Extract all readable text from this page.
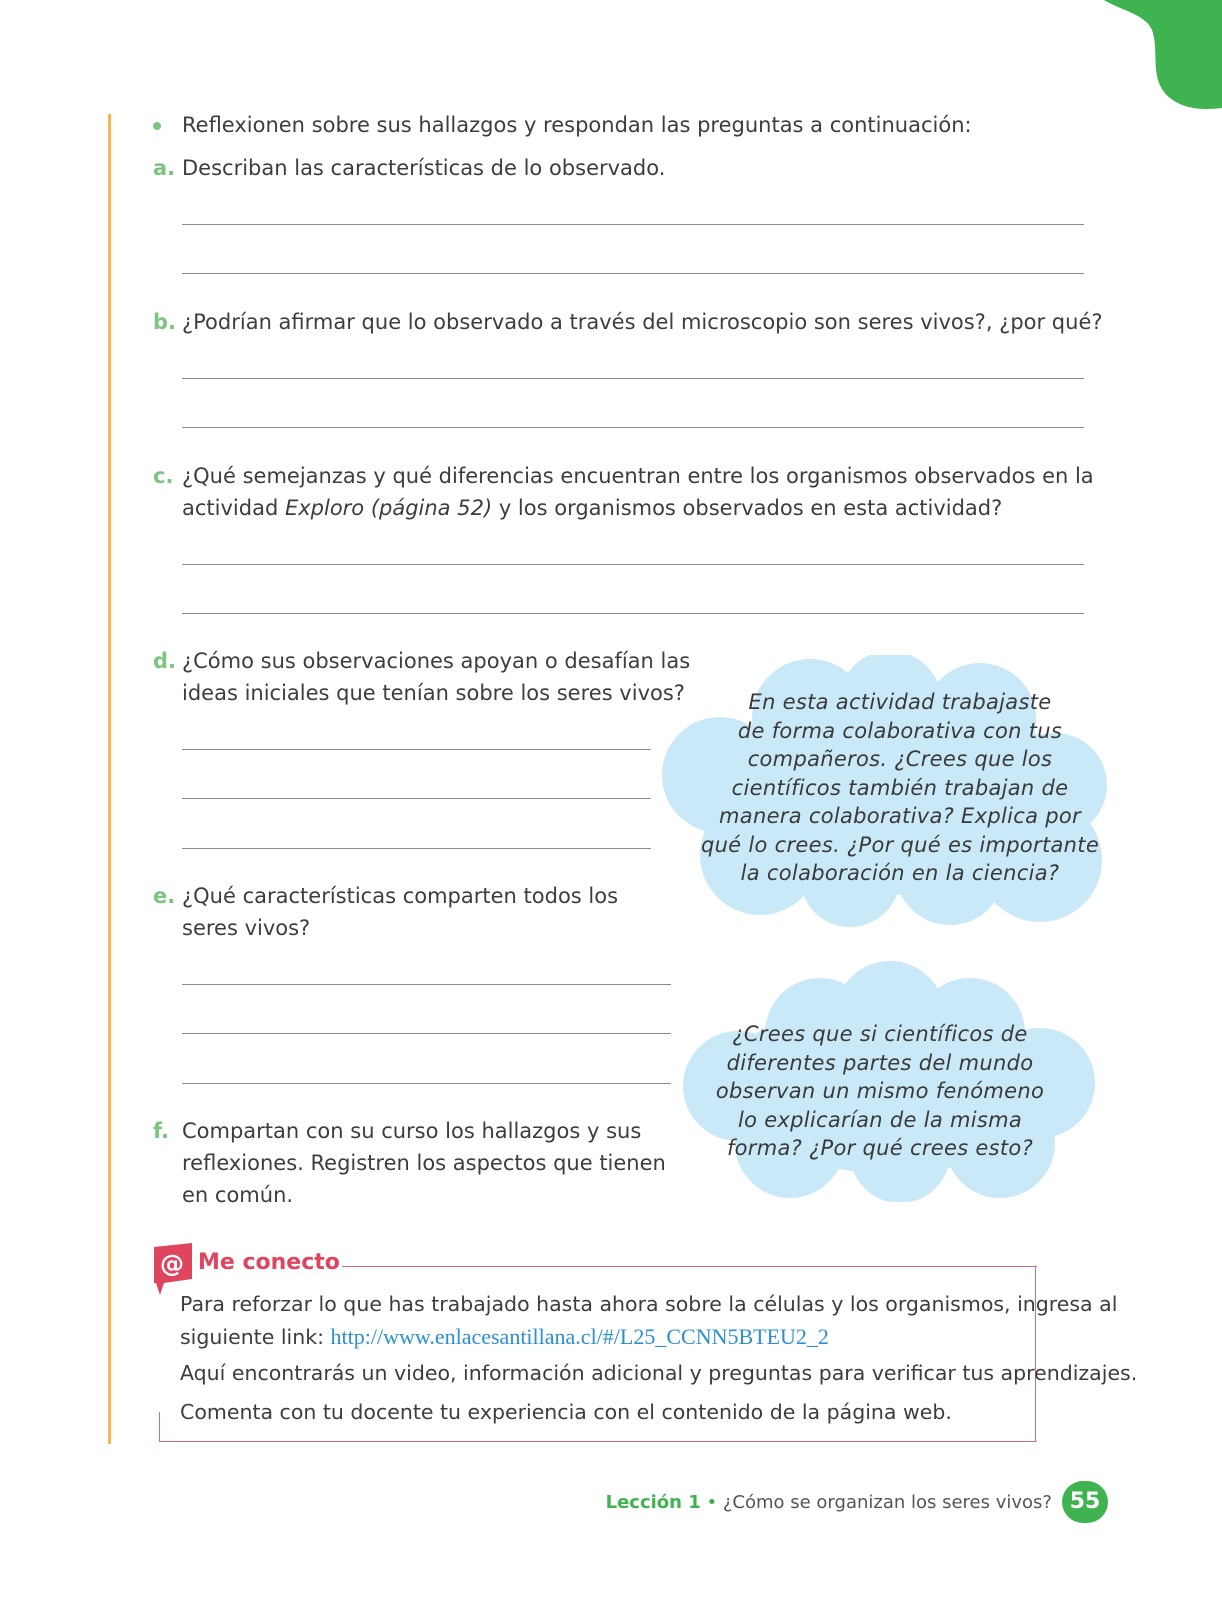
Reflexionen sobre sus hallazgos y respondan las preguntas a continuación:
a. Describan las características de lo observado.
b. ¿Podrían afirmar que lo observado a través del microscopio son seres vivos?, ¿por qué?
c. ¿Qué semejanzas y qué diferencias encuentran entre los organismos observados en la
actividad Exploro (página 52) y los organismos observados en esta actividad?
d. ¿Cómo sus observaciones apoyan o desafían las
ideas iniciales que tenían sobre los seres vivos?
e. ¿Qué características comparten todos los
seres vivos?
f. Compartan con su curso los hallazgos y sus
reflexiones. Registren los aspectos que tienen
en común.
En esta actividad trabajaste
de forma colaborativa con tus
compañeros. ¿Crees que los
científicos también trabajan de
manera colaborativa? Explica por
qué lo crees. ¿Por qué es importante
la colaboración en la ciencia?
¿Crees que si científicos de
diferentes partes del mundo
observan un mismo fenómeno
lo explicarían de la misma
forma? ¿Por qué crees esto?
@ Me conecto
Para reforzar lo que has trabajado hasta ahora sobre la células y los organismos, ingresa al
siguiente link: http://www.enlacesantillana.cl/#/L25_CCNN5BTEU2_2
Aquí encontrarás un video, información adicional y preguntas para verificar tus aprendizajes.
Comenta con tu docente tu experiencia con el contenido de la página web.
Lección 1 • ¿Cómo se organizan los seres vivos? 55
